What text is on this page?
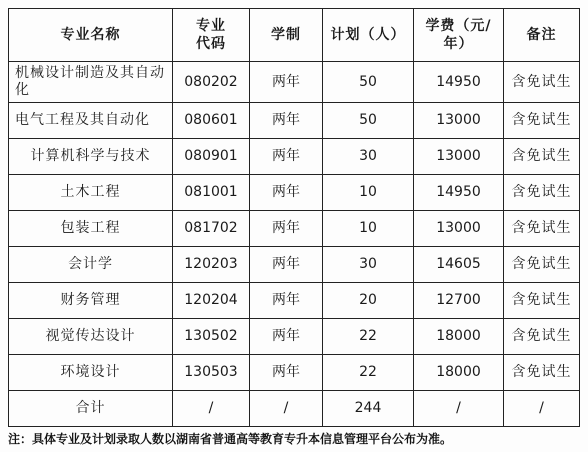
专业名称	专业代码	学制	计划（人）	学费（元/年）	备注
机械设计制造及其自动化	080202	两年	50	14950	含免试生
电气工程及其自动化	080601	两年	50	13000	含免试生
计算机科学与技术	080901	两年	30	13000	含免试生
土木工程	081001	两年	10	14950	含免试生
包装工程	081702	两年	10	13000	含免试生
会计学	120203	两年	30	14605	含免试生
财务管理	120204	两年	20	12700	含免试生
视觉传达设计	130502	两年	22	18000	含免试生
环境设计	130503	两年	22	18000	含免试生
合计	/	/	244	/	/
注：具体专业及计划录取人数以湖南省普通高等教育专升本信息管理平台公布为准。
